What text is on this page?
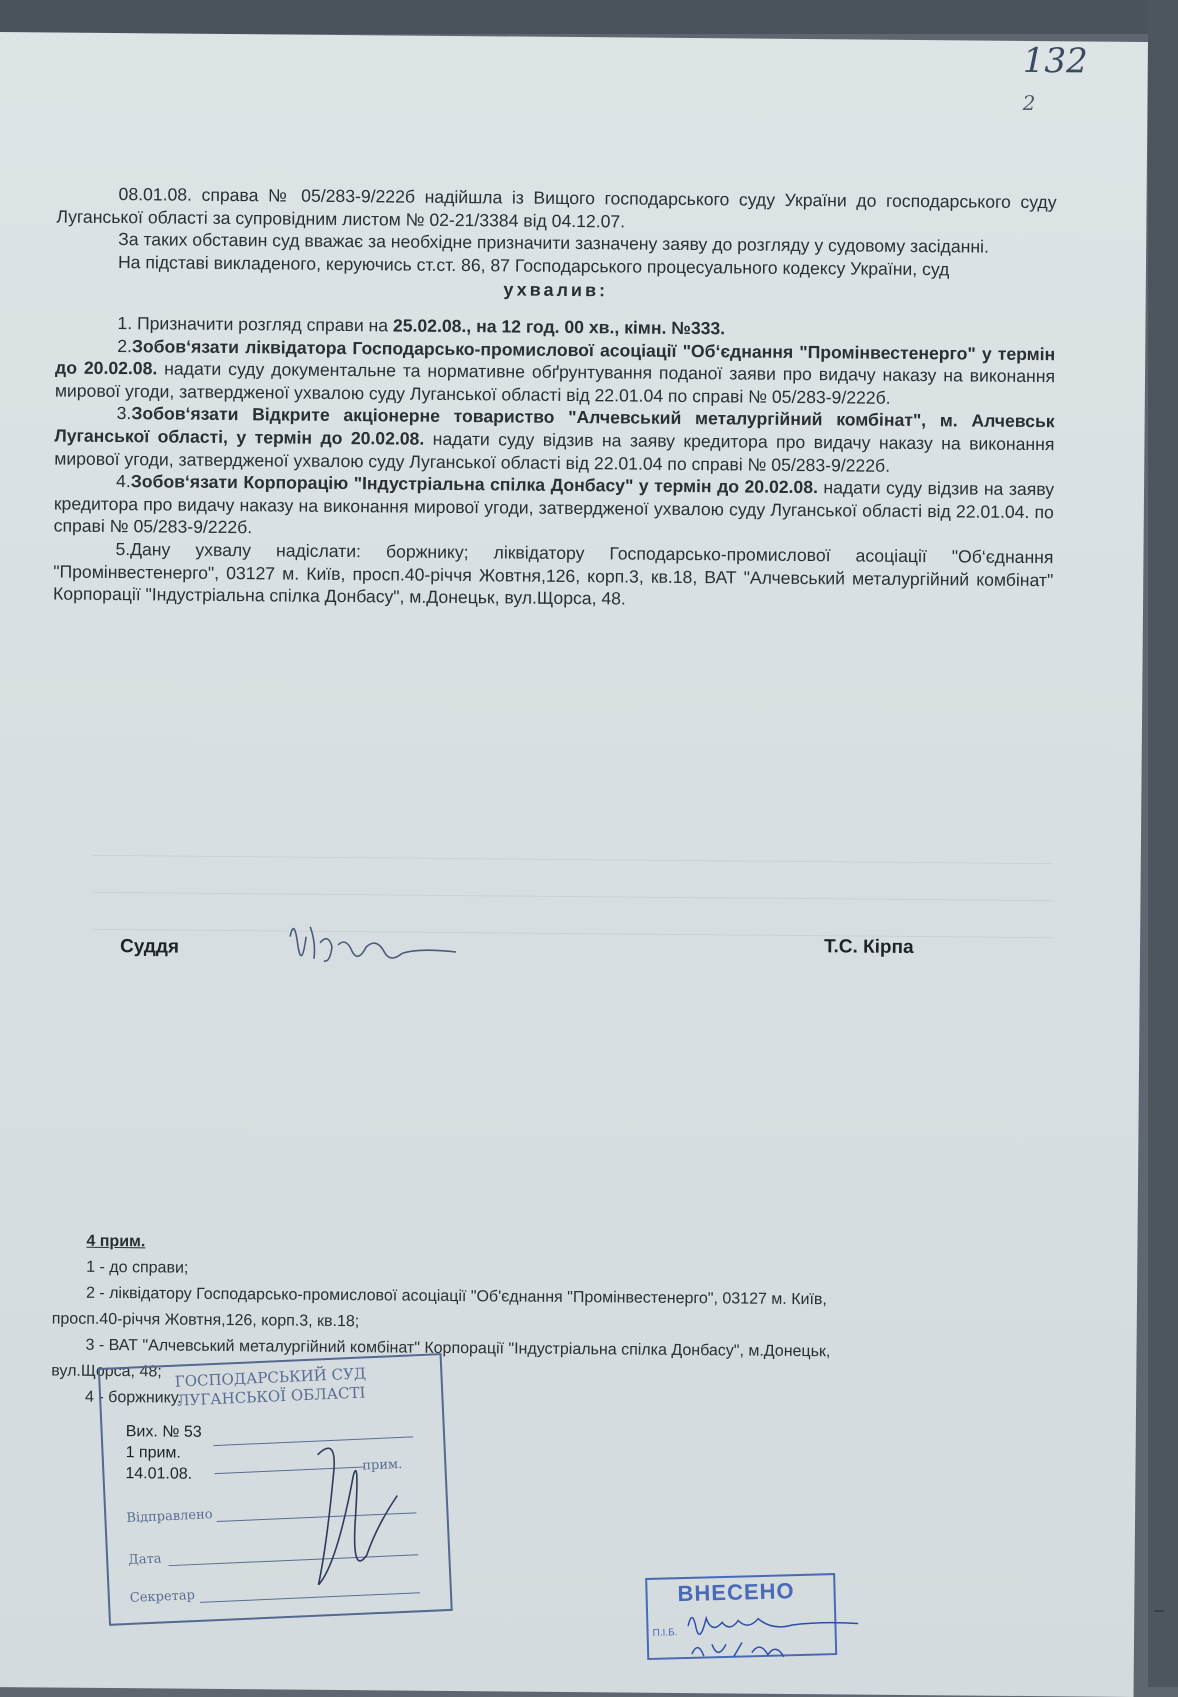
132
2

08.01.08. справа № 05/283-9/222б надійшла із Вищого господарського суду України до господарського суду Луганської області за супровідним листом № 02-21/3384 від 04.12.07.

За таких обставин суд вважає за необхідне призначити зазначену заяву до розгляду у судовому засіданні.

На підставі викладеного, керуючись ст.ст. 86, 87 Господарського процесуального кодексу України, суд

ухвалив:

1. Призначити розгляд справи на 25.02.08., на 12 год. 00 хв., кімн. №333.

2.Зобов‘язати ліквідатора Господарсько-промислової асоціації "Об‘єднання "Промінвестенерго" у термін до 20.02.08. надати суду документальне та нормативне обґрунтування поданої заяви про видачу наказу на виконання мирової угоди, затвердженої ухвалою суду Луганської області від 22.01.04 по справі № 05/283-9/222б.

3.Зобов‘язати Відкрите акціонерне товариство "Алчевський металургійний комбінат", м. Алчевськ Луганської області, у термін до 20.02.08. надати суду відзив на заяву кредитора про видачу наказу на виконання мирової угоди, затвердженої ухвалою суду Луганської області від 22.01.04 по справі № 05/283-9/222б.

4.Зобов‘язати Корпорацію "Індустріальна спілка Донбасу" у термін до 20.02.08. надати суду відзив на заяву кредитора про видачу наказу на виконання мирової угоди, затвердженої ухвалою суду Луганської області від 22.01.04. по справі № 05/283-9/222б.

5.Дану ухвалу надіслати: боржнику; ліквідатору Господарсько-промислової асоціації "Об‘єднання "Промінвестенерго", 03127 м. Київ, просп.40-річчя Жовтня,126, корп.3, кв.18, ВАТ "Алчевський металургійний комбінат" Корпорації "Індустріальна спілка Донбасу", м.Донецьк, вул.Щорса, 48.

Суддя	Т.С. Кірпа
4 прим.
1 - до справи;
2 - ліквідатору Господарсько-промислової асоціації "Об'єднання "Промінвестенерго", 03127 м. Київ,
просп.40-річчя Жовтня,126, корп.3, кв.18;
3 - ВАТ "Алчевський металургійний комбінат" Корпорації "Індустріальна спілка Донбасу", м.Донецьк,
вул.Щорса, 48;
4 - боржнику.
ГОСПОДАРСЬКИЙ СУД
ЛУГАНСЬКОЇ ОБЛАСТІ
прим.
Відправлено
Дата
Секретар
Вих. № 53
1 прим.
14.01.08.
ВНЕСЕНО
П.І.Б.
